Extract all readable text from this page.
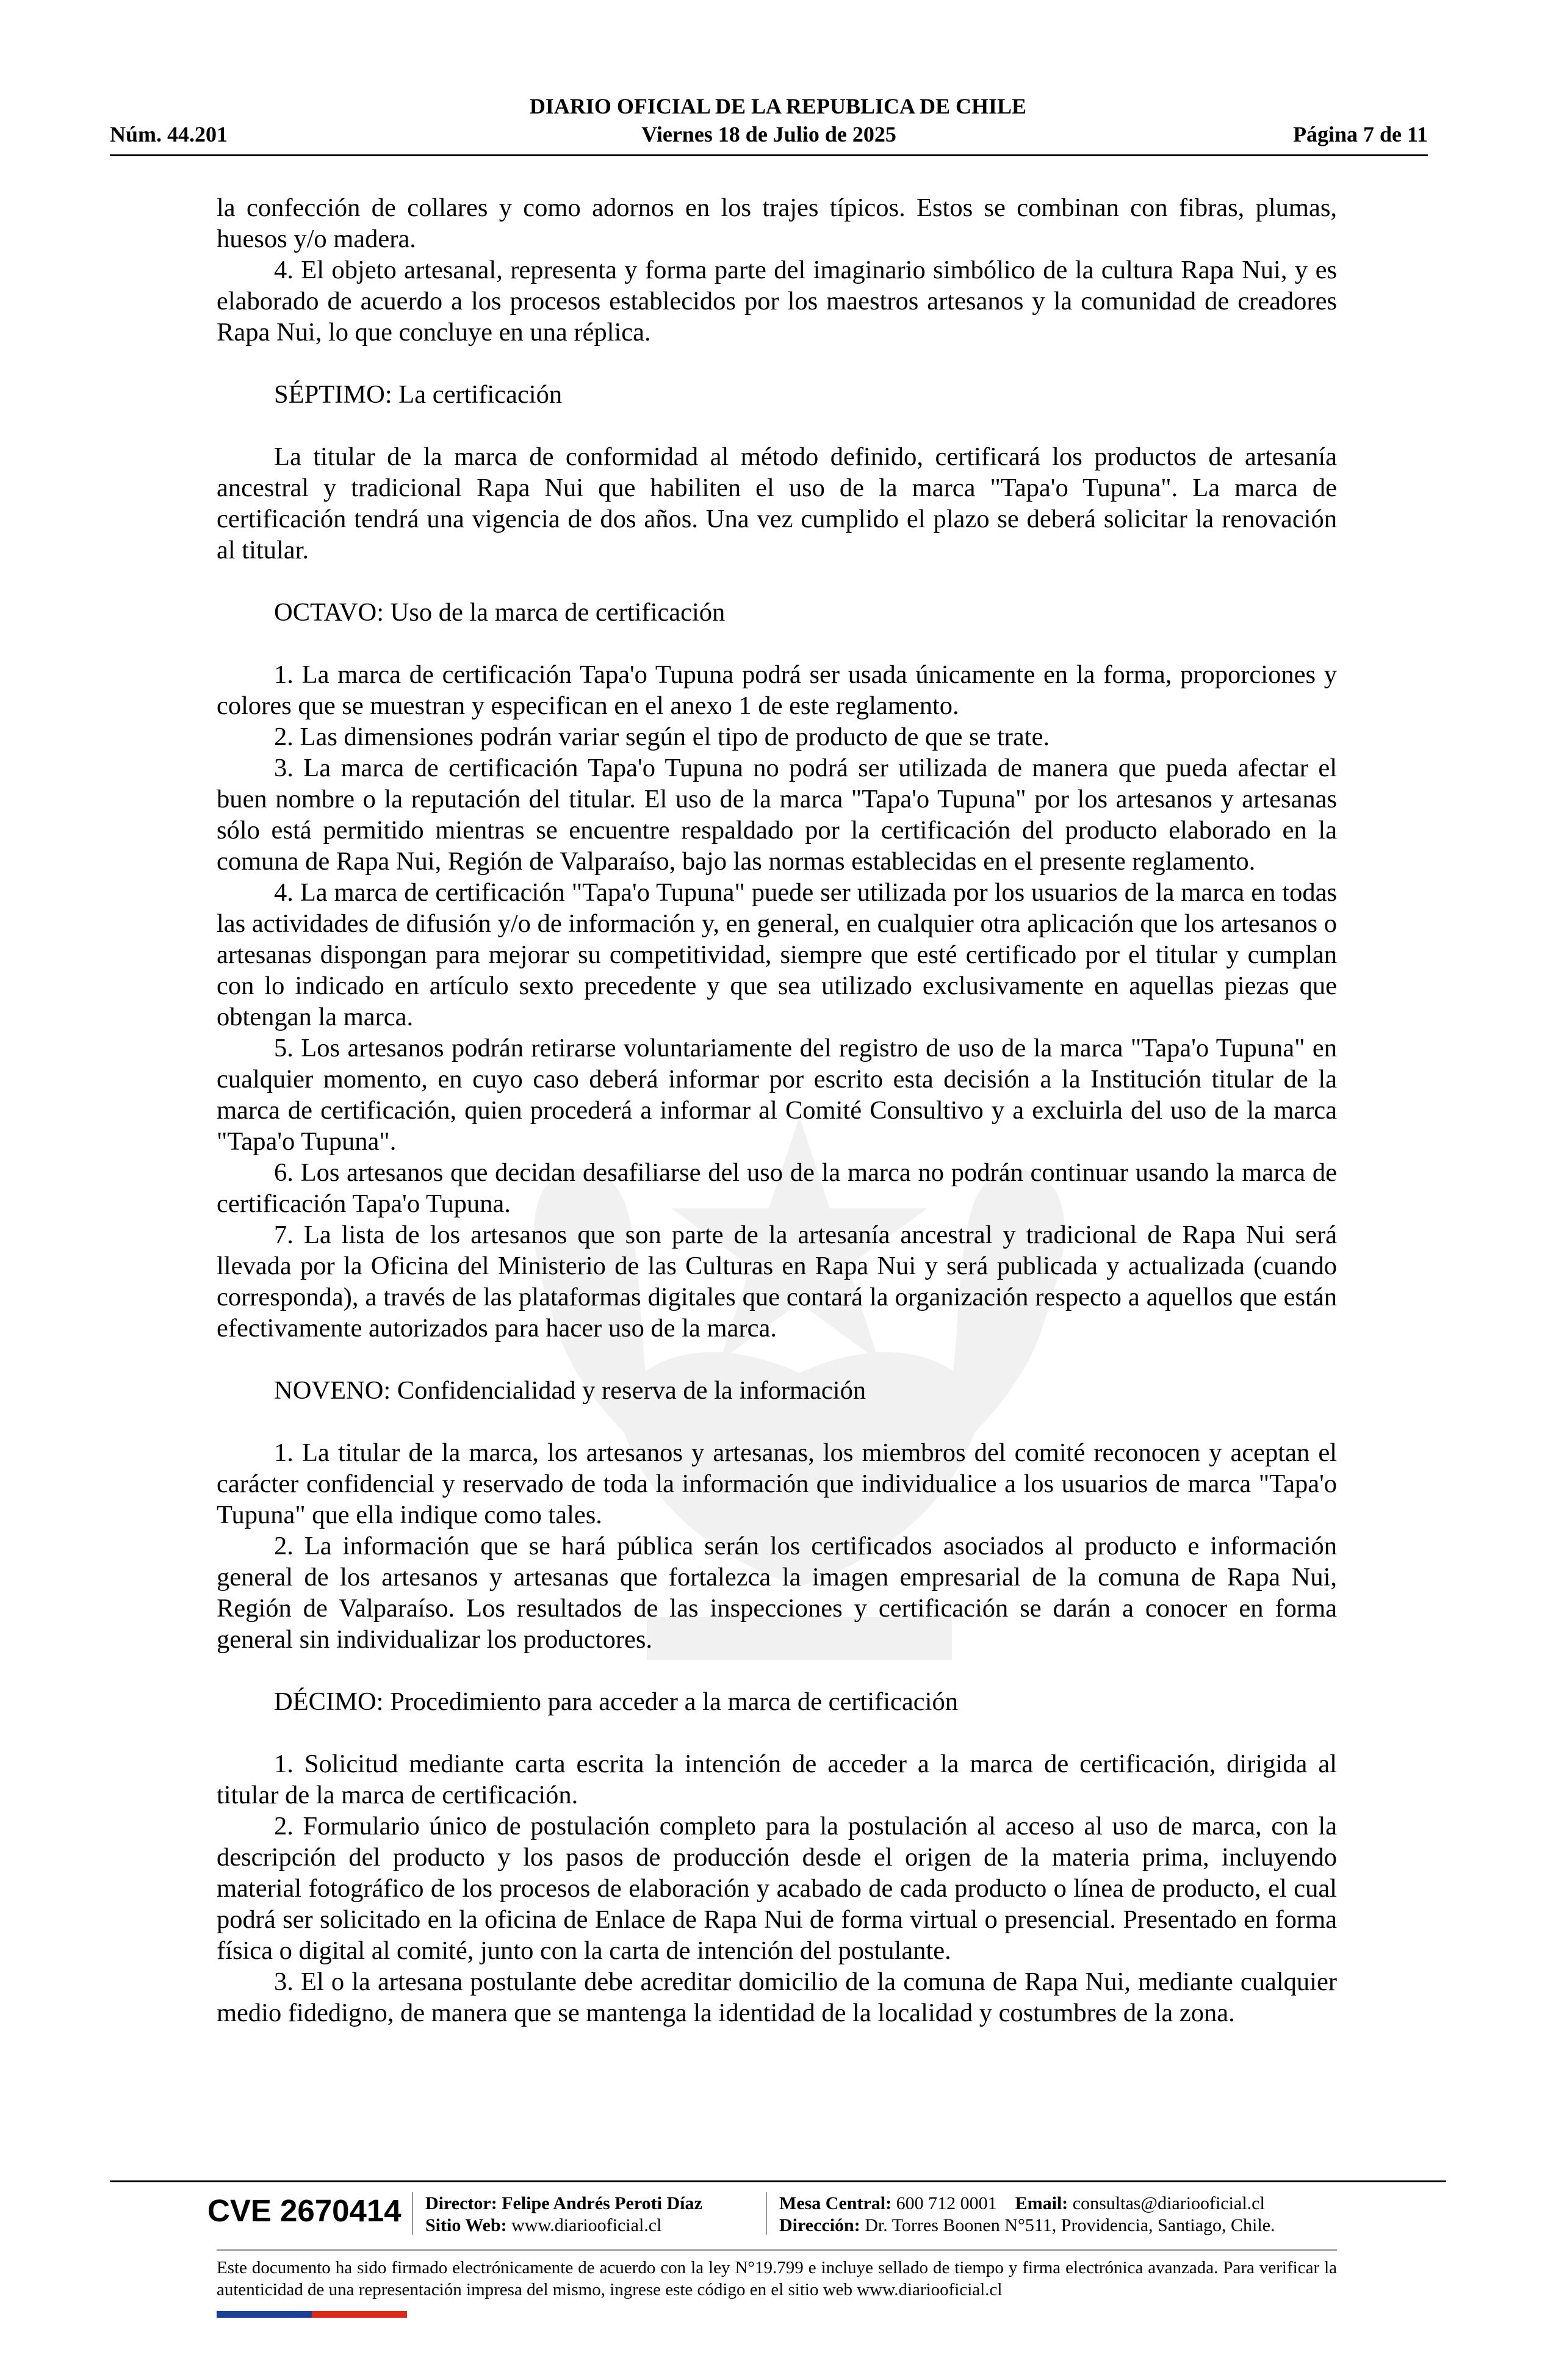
DIARIO OFICIAL DE LA REPUBLICA DE CHILE
Núm. 44.201	Viernes 18 de Julio de 2025	Página 7 de 11

la confección de collares y como adornos en los trajes típicos. Estos se combinan con fibras, plumas, huesos y/o madera.

4. El objeto artesanal, representa y forma parte del imaginario simbólico de la cultura Rapa Nui, y es elaborado de acuerdo a los procesos establecidos por los maestros artesanos y la comunidad de creadores Rapa Nui, lo que concluye en una réplica.

SÉPTIMO: La certificación

La titular de la marca de conformidad al método definido, certificará los productos de artesanía ancestral y tradicional Rapa Nui que habiliten el uso de la marca "Tapa'o Tupuna". La marca de certificación tendrá una vigencia de dos años. Una vez cumplido el plazo se deberá solicitar la renovación al titular.

OCTAVO: Uso de la marca de certificación

1. La marca de certificación Tapa'o Tupuna podrá ser usada únicamente en la forma, proporciones y colores que se muestran y especifican en el anexo 1 de este reglamento.

2. Las dimensiones podrán variar según el tipo de producto de que se trate.

3. La marca de certificación Tapa'o Tupuna no podrá ser utilizada de manera que pueda afectar el buen nombre o la reputación del titular. El uso de la marca "Tapa'o Tupuna" por los artesanos y artesanas sólo está permitido mientras se encuentre respaldado por la certificación del producto elaborado en la comuna de Rapa Nui, Región de Valparaíso, bajo las normas establecidas en el presente reglamento.

4. La marca de certificación "Tapa'o Tupuna" puede ser utilizada por los usuarios de la marca en todas las actividades de difusión y/o de información y, en general, en cualquier otra aplicación que los artesanos o artesanas dispongan para mejorar su competitividad, siempre que esté certificado por el titular y cumplan con lo indicado en artículo sexto precedente y que sea utilizado exclusivamente en aquellas piezas que obtengan la marca.

5. Los artesanos podrán retirarse voluntariamente del registro de uso de la marca "Tapa'o Tupuna" en cualquier momento, en cuyo caso deberá informar por escrito esta decisión a la Institución titular de la marca de certificación, quien procederá a informar al Comité Consultivo y a excluirla del uso de la marca "Tapa'o Tupuna".

6. Los artesanos que decidan desafiliarse del uso de la marca no podrán continuar usando la marca de certificación Tapa'o Tupuna.

7. La lista de los artesanos que son parte de la artesanía ancestral y tradicional de Rapa Nui será llevada por la Oficina del Ministerio de las Culturas en Rapa Nui y será publicada y actualizada (cuando corresponda), a través de las plataformas digitales que contará la organización respecto a aquellos que están efectivamente autorizados para hacer uso de la marca.

NOVENO: Confidencialidad y reserva de la información

1. La titular de la marca, los artesanos y artesanas, los miembros del comité reconocen y aceptan el carácter confidencial y reservado de toda la información que individualice a los usuarios de marca "Tapa'o Tupuna" que ella indique como tales.

2. La información que se hará pública serán los certificados asociados al producto e información general de los artesanos y artesanas que fortalezca la imagen empresarial de la comuna de Rapa Nui, Región de Valparaíso. Los resultados de las inspecciones y certificación se darán a conocer en forma general sin individualizar los productores.

DÉCIMO: Procedimiento para acceder a la marca de certificación

1. Solicitud mediante carta escrita la intención de acceder a la marca de certificación, dirigida al titular de la marca de certificación.

2. Formulario único de postulación completo para la postulación al acceso al uso de marca, con la descripción del producto y los pasos de producción desde el origen de la materia prima, incluyendo material fotográfico de los procesos de elaboración y acabado de cada producto o línea de producto, el cual podrá ser solicitado en la oficina de Enlace de Rapa Nui de forma virtual o presencial. Presentado en forma física o digital al comité, junto con la carta de intención del postulante.

3. El o la artesana postulante debe acreditar domicilio de la comuna de Rapa Nui, mediante cualquier medio fidedigno, de manera que se mantenga la identidad de la localidad y costumbres de la zona.

CVE 2670414 Director: Felipe Andrés Peroti Díaz
Sitio Web: www.diariooficial.cl
Mesa Central: 600 712 0001 Email: consultas@diariooficial.cl
Dirección: Dr. Torres Boonen N°511, Providencia, Santiago, Chile.
Este documento ha sido firmado electrónicamente de acuerdo con la ley N°19.799 e incluye sellado de tiempo y firma electrónica avanzada. Para verificar la autenticidad de una representación impresa del mismo, ingrese este código en el sitio web www.diariooficial.cl
